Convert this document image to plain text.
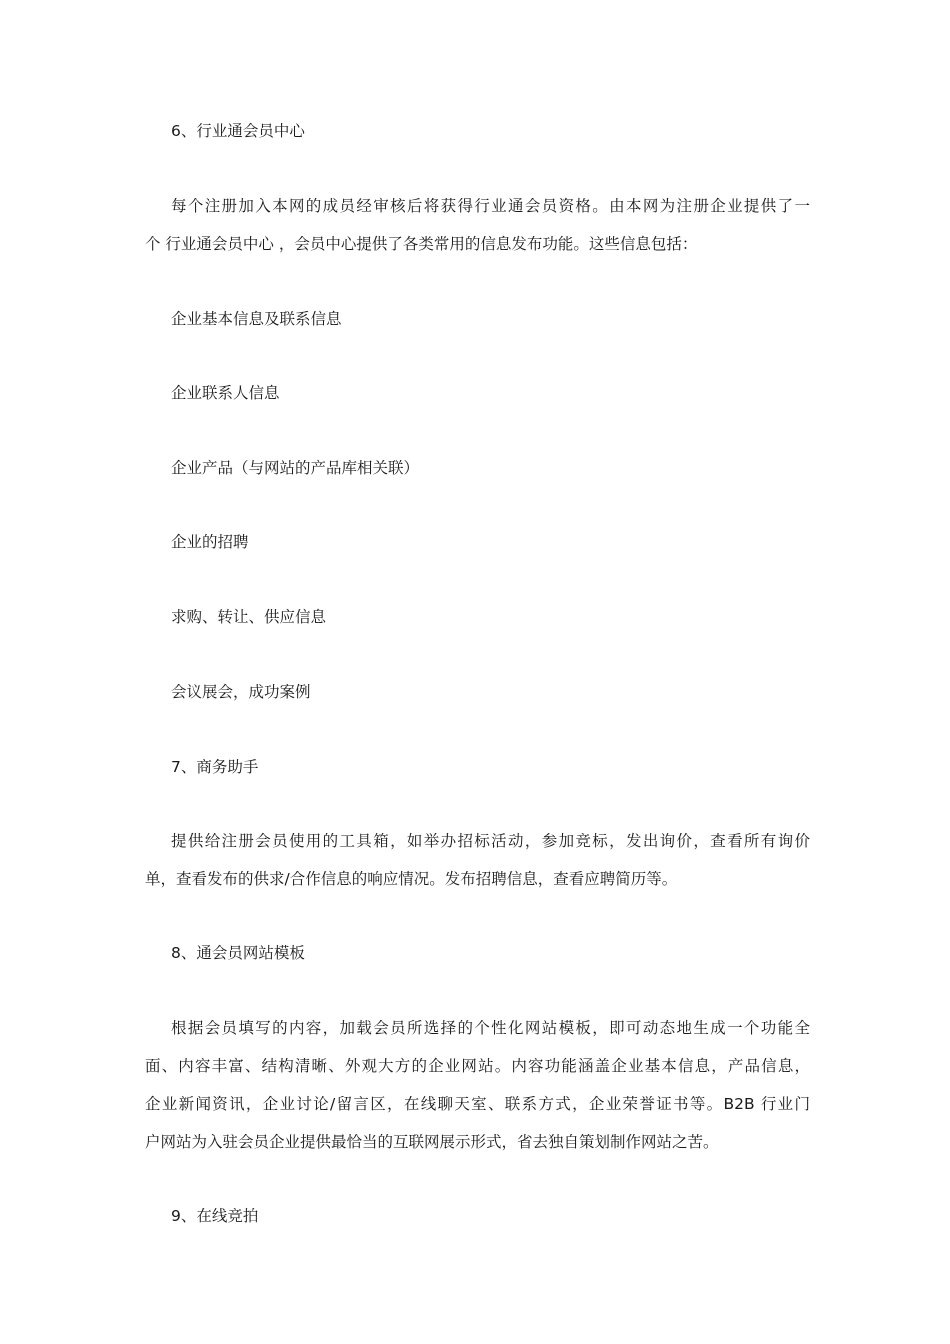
6、行业通会员中心
每个注册加入本网的成员经审核后将获得行业通会员资格。由本网为注册企业提供了一
个 行业通会员中心 ，会员中心提供了各类常用的信息发布功能。这些信息包括：
企业基本信息及联系信息
企业联系人信息
企业产品（与网站的产品库相关联）
企业的招聘
求购、转让、供应信息
会议展会，成功案例
7、商务助手
提供给注册会员使用的工具箱，如举办招标活动，参加竞标，发出询价，查看所有询价
单，查看发布的供求/合作信息的响应情况。发布招聘信息，查看应聘简历等。
8、通会员网站模板
根据会员填写的内容，加载会员所选择的个性化网站模板，即可动态地生成一个功能全
面、内容丰富、结构清晰、外观大方的企业网站。内容功能涵盖企业基本信息，产品信息，
企业新闻资讯，企业讨论/留言区，在线聊天室、联系方式，企业荣誉证书等。B2B 行业门
户网站为入驻会员企业提供最恰当的互联网展示形式，省去独自策划制作网站之苦。
9、在线竞拍
